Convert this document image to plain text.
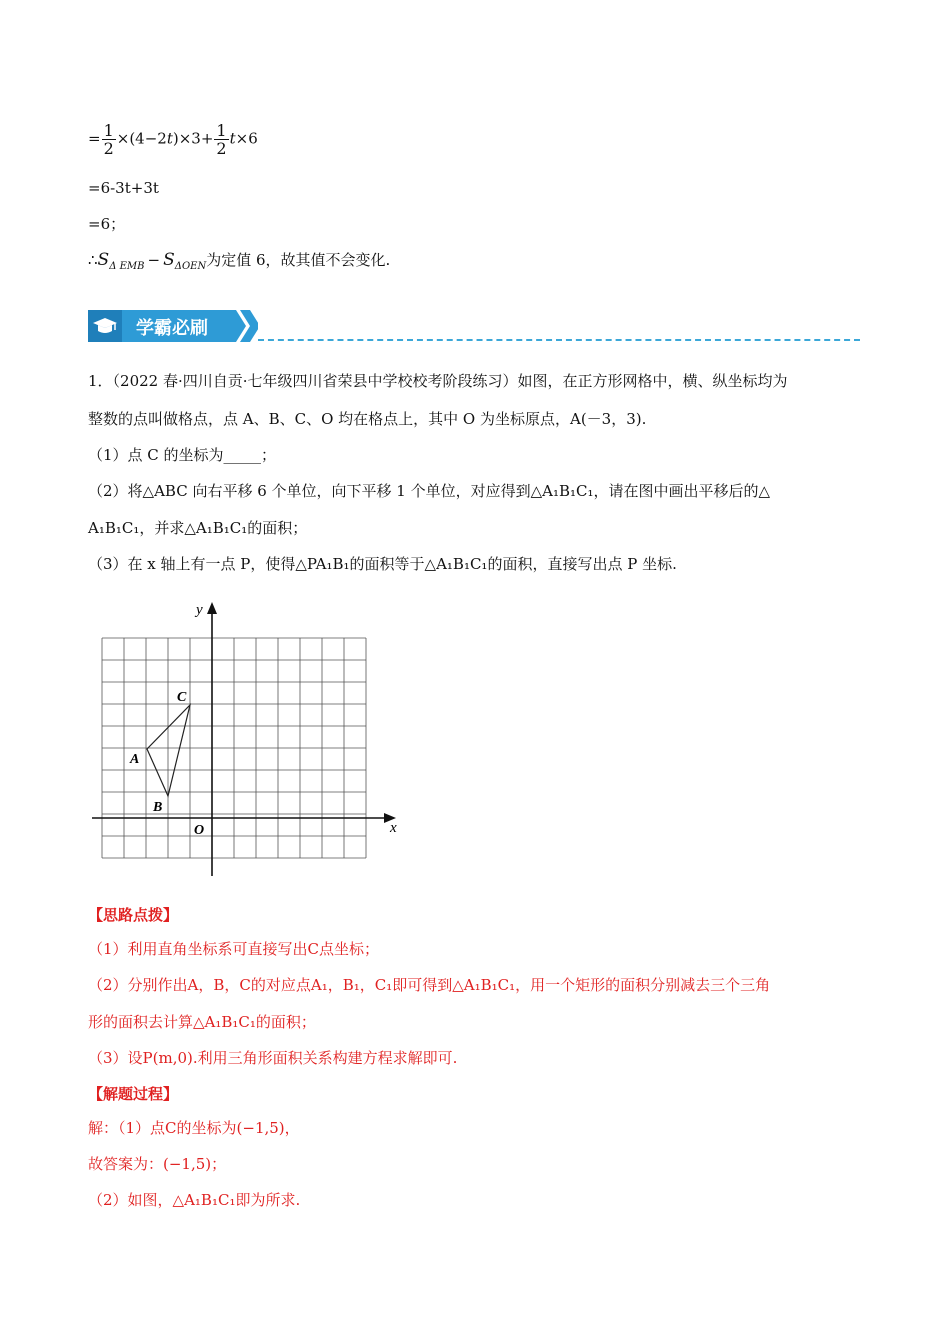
= $\frac{1}{2} \times(4-2t)\times 3+ \frac{1}{2} t\times 6$
=6-3t+3t
=6；
$\therefore S_{\Delta EMB} - S_{\Delta OEN}$为定值 6，故其值不会变化.
学霸必刷
1．（2022 春·四川自贡·七年级四川省荣县中学校校考阶段练习）如图，在正方形网格中，横、纵坐标均为
整数的点叫做格点，点 A、B、C、O 均在格点上，其中 O 为坐标原点，A(－3，3).
（1）点 C 的坐标为_____；
（2）将△ABC 向右平移 6 个单位，向下平移 1 个单位，对应得到△A₁B₁C₁，请在图中画出平移后的△
A₁B₁C₁，并求△A₁B₁C₁的面积；
（3）在 x 轴上有一点 P，使得△PA₁B₁的面积等于△A₁B₁C₁的面积，直接写出点 P 坐标.
y
x
O
A
B
C
【思路点拨】
（1）利用直角坐标系可直接写出C点坐标；
（2）分别作出A，B，C的对应点A₁，B₁，C₁即可得到△A₁B₁C₁，用一个矩形的面积分别减去三个三角
形的面积去计算△A₁B₁C₁的面积；
（3）设P(m,0).利用三角形面积关系构建方程求解即可.
【解题过程】
解：（1）点C的坐标为(−1,5)，
故答案为：(−1,5)；
（2）如图，△A₁B₁C₁即为所求.
